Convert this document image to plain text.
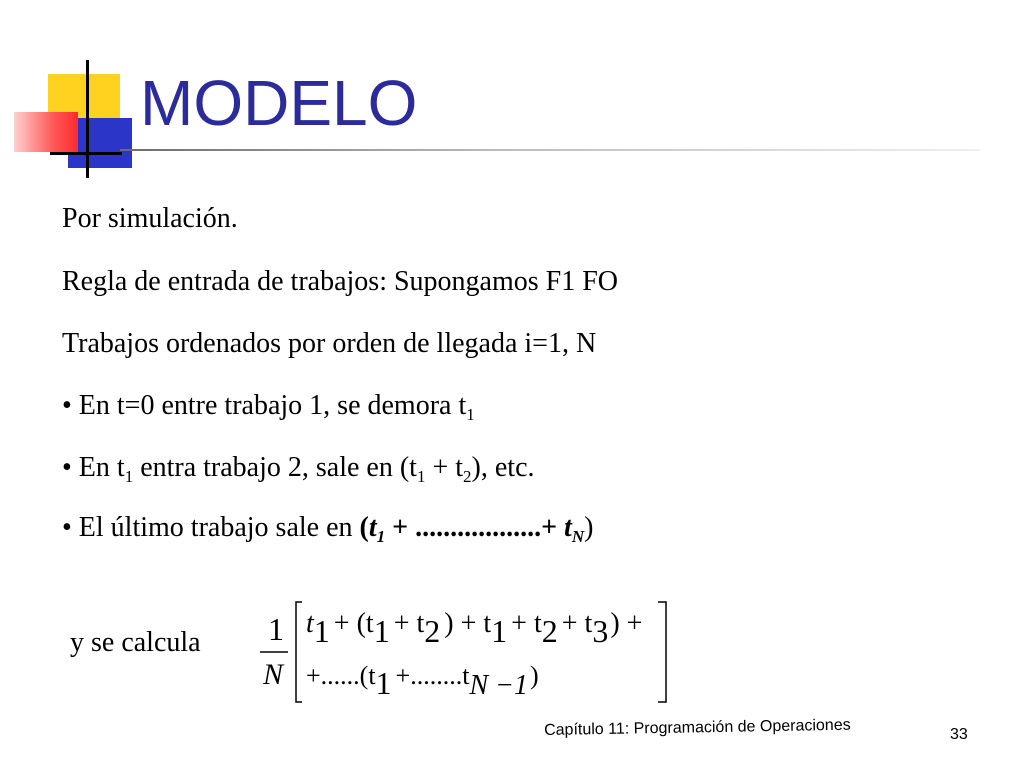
MODELO
Por simulación.
Regla de entrada de trabajos: Supongamos F1 FO
Trabajos ordenados por orden de llegada i=1, N
• En t=0 entre trabajo 1, se demora $t_1$
• En $t_1$ entra trabajo 2, sale en $(t_1 + t_2)$, etc.
• El último trabajo sale en ($t_1$ + ..................+ $t_N$)
y se calcula 1
N
t1 + (t1 + t2 ) + t1 + t2 + t3) +
+......(t1 +........tN −1)
Capítulo 11: Programación de Operaciones	33
